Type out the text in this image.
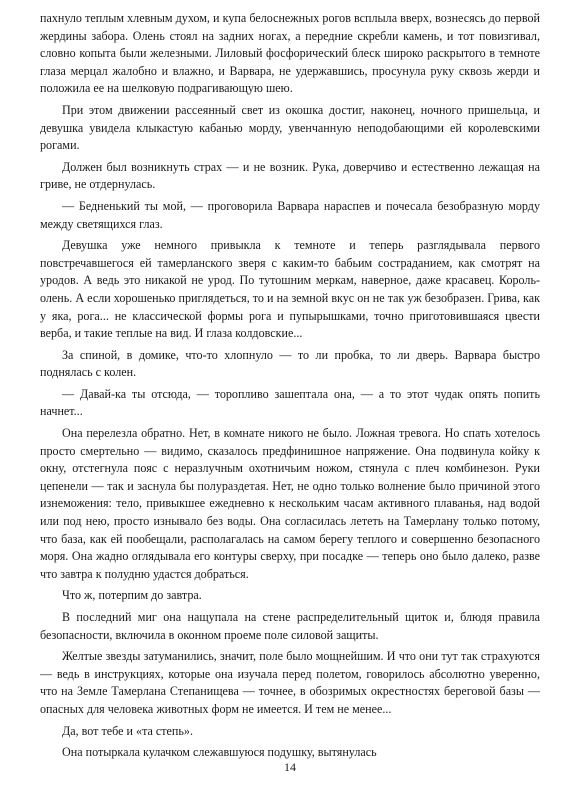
пахнуло теплым хлевным духом, и купа белоснежных рогов всплыла вверх, вознесясь до первой жердины забора. Олень стоял на задних ногах, а передние скребли камень, и тот повизгивал, словно копыта были железными. Лиловый фосфорический блеск широко раскрытого в темноте глаза мерцал жалобно и влажно, и Варвара, не удержавшись, просунула руку сквозь жерди и положила ее на шелковую подрагивающую шею.

При этом движении рассеянный свет из окошка достиг, наконец, ночного пришельца, и девушка увидела клыкастую кабанью морду, увенчанную неподобающими ей королевскими рогами.

Должен был возникнуть страх — и не возник. Рука, доверчиво и естественно лежащая на гриве, не отдернулась.

— Бедненький ты мой, — проговорила Варвара нараспев и почесала безобразную морду между светящихся глаз.

Девушка уже немного привыкла к темноте и теперь разглядывала первого повстречавшегося ей тамерланского зверя с каким-то бабьим состраданием, как смотрят на уродов. А ведь это никакой не урод. По тутошним меркам, наверное, даже красавец. Король-олень. А если хорошенько приглядеться, то и на земной вкус он не так уж безобразен. Грива, как у яка, рога... не классической формы рога и пупырышками, точно приготовившаяся цвести верба, и такие теплые на вид. И глаза колдовские...

За спиной, в домике, что-то хлопнуло — то ли пробка, то ли дверь. Варвара быстро поднялась с колен.

— Давай-ка ты отсюда, — торопливо зашептала она, — а то этот чудак опять попить начнет...

Она перелезла обратно. Нет, в комнате никого не было. Ложная тревога. Но спать хотелось просто смертельно — видимо, сказалось предфинишное напряжение. Она подвинула койку к окну, отстегнула пояс с неразлучным охотничьим ножом, стянула с плеч комбинезон. Руки цепенели — так и заснула бы полураздетая. Нет, не одно только волнение было причиной этого изнеможения: тело, привыкшее ежедневно к нескольким часам активного плаванья, над водой или под нею, просто изнывало без воды. Она согласилась лететь на Тамерлану только потому, что база, как ей пообещали, располагалась на самом берегу теплого и совершенно безопасного моря. Она жадно оглядывала его контуры сверху, при посадке — теперь оно было далеко, разве что завтра к полудню удастся добраться.

Что ж, потерпим до завтра.

В последний миг она нащупала на стене распределительный щиток и, блюдя правила безопасности, включила в оконном проеме поле силовой защиты.

Желтые звезды затуманились, значит, поле было мощнейшим. И что они тут так страхуются — ведь в инструкциях, которые она изучала перед полетом, говорилось абсолютно уверенно, что на Земле Тамерлана Степанищева — точнее, в обозримых окрестностях береговой базы — опасных для человека животных форм не имеется. И тем не менее...

Да, вот тебе и «та степь».

Она потыркала кулачком слежавшуюся подушку, вытянулась

14
